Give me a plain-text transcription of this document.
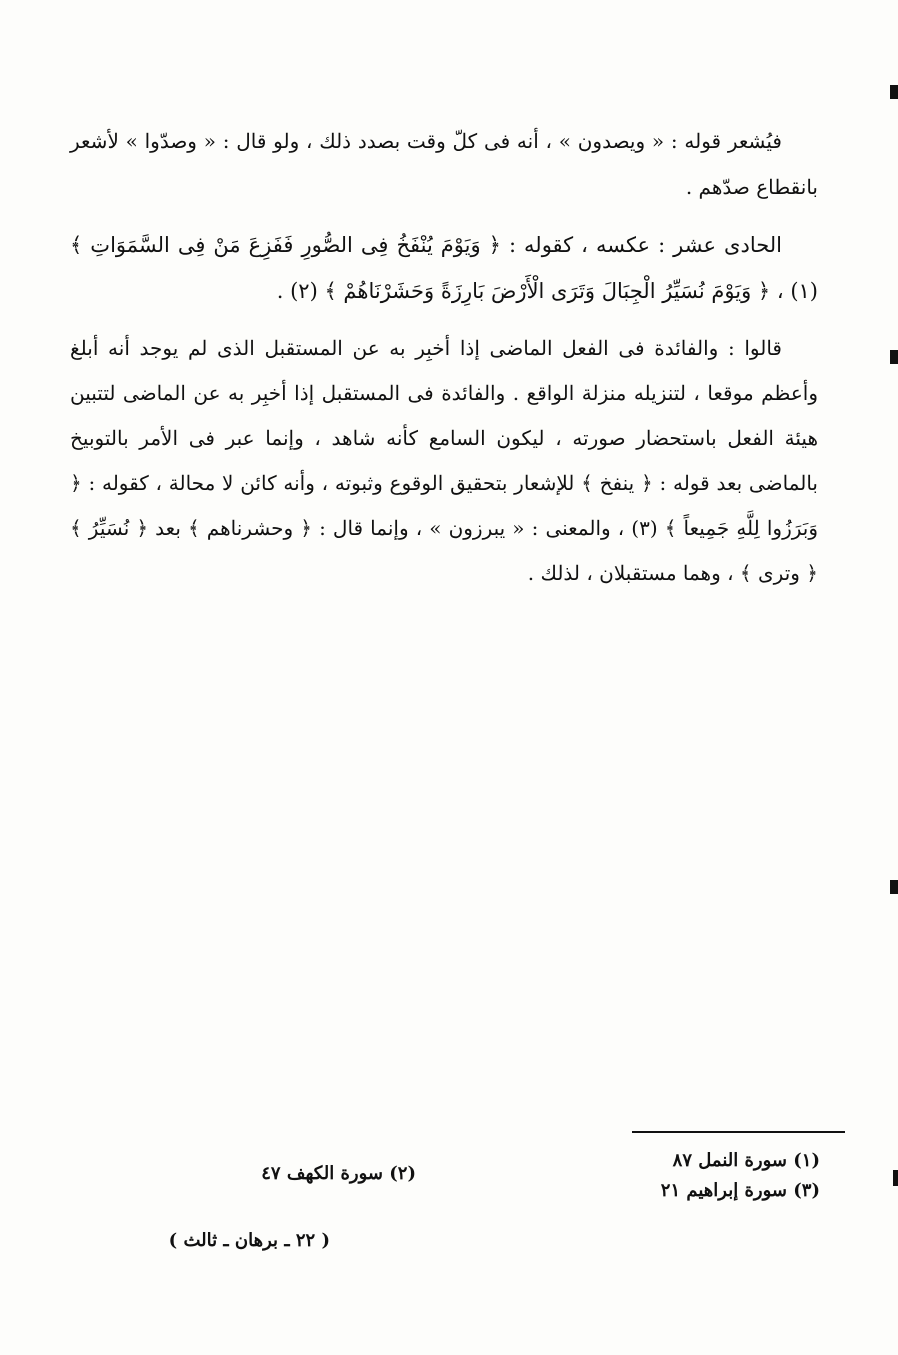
فيُشعر قوله : « ويصدون » ، أنه فى كلّ وقت بصدد ذلك ، ولو قال : « وصدّوا » لأشعر بانقطاع صدّهم .

الحادى عشر : عكسه ، كقوله : ﴿ وَيَوْمَ يُنْفَخُ فِى الصُّورِ فَفَزِعَ مَنْ فِى السَّمَوَاتِ ﴾ (١) ، ﴿ وَيَوْمَ نُسَيِّرُ الْجِبَالَ وَتَرَى الْأَرْضَ بَارِزَةً وَحَشَرْنَاهُمْ ﴾ (٢) .

قالوا : والفائدة فى الفعل الماضى إذا أخبِر به عن المستقبل الذى لم يوجد أنه أبلغ وأعظم موقعا ، لتنزيله منزلة الواقع . والفائدة فى المستقبل إذا أخبِر به عن الماضى لتتبين هيئة الفعل باستحضار صورته ، ليكون السامع كأنه شاهد ، وإنما عبر فى الأمر بالتوبيخ بالماضى بعد قوله : ﴿ ينفخ ﴾ للإشعار بتحقيق الوقوع وثبوته ، وأنه كائن لا محالة ، كقوله : ﴿ وَبَرَزُوا لِلَّهِ جَمِيعاً ﴾ (٣) ، والمعنى : « يبرزون » ، وإنما قال : ﴿ وحشرناهم ﴾ بعد ﴿ نُسَيِّرُ ﴾ ﴿ وترى ﴾ ، وهما مستقبلان ، لذلك .

(١) سورة النمل ٨٧
(٣) سورة إبراهيم ٢١
(٢) سورة الكهف ٤٧
( ٢٢ ـ برهان ـ ثالث )
